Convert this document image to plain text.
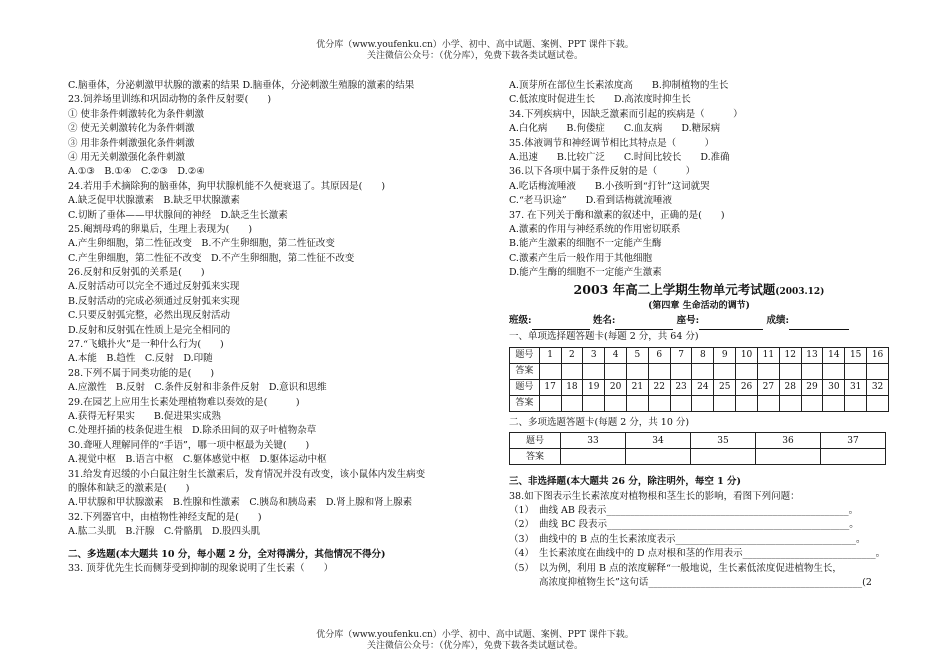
优分库（www.youfenku.cn）小学、初中、高中试题、案例、PPT 课件下载。
关注微信公众号：（优分库），免费下载各类试题试卷。
C.脑垂体，分泌刺激甲状腺的激素的结果 D.脑垂体，分泌刺激生殖腺的激素的结果
23.饲养场里训练和巩固动物的条件反射要(　　)
① 使非条件刺激转化为条件刺激
② 使无关刺激转化为条件刺激
③ 用非条件刺激强化条件刺激
④ 用无关刺激强化条件刺激
A.①③　B.①④　C.②③　D.②④
24.若用手术摘除狗的脑垂体，狗甲状腺机能不久便衰退了。其原因是(　　)
A.缺乏促甲状腺激素　B.缺乏甲状腺激素
C.切断了垂体——甲状腺间的神经　D.缺乏生长激素
25.阉割母鸡的卵巢后，生理上表现为(　　)
A.产生卵细胞，第二性征改变　B.不产生卵细胞，第二性征改变
C.产生卵细胞，第二性征不改变　D.不产生卵细胞，第二性征不改变
26.反射和反射弧的关系是(　　)
A.反射活动可以完全不通过反射弧来实现
B.反射活动的完成必须通过反射弧来实现
C.只要反射弧完整，必然出现反射活动
D.反射和反射弧在性质上是完全相同的
27.“飞蛾扑火”是一种什么行为(　　)
A.本能　B.趋性　C.反射　D.印随
28.下列不属于同类功能的是(　　)
A.应激性　B.反射　C.条件反射和非条件反射　D.意识和思维
29.在园艺上应用生长素处理植物难以奏效的是(　　　)
A.获得无籽果实　　B.促进果实成熟
C.处理扦插的枝条促进生根　D.除杀田间的双子叶植物杂草
30.聋哑人理解同伴的“手语”，哪一项中枢最为关键(　　)
A.视觉中枢　B.语言中枢　C.躯体感觉中枢　D.躯体运动中枢
31.给发育迟缓的小白鼠注射生长激素后，发育情况并没有改变，该小鼠体内发生病变
的腺体和缺乏的激素是(　　)
A.甲状腺和甲状腺激素　B.性腺和性激素　C.胰岛和胰岛素　D.肾上腺和肾上腺素
32.下列器官中，由植物性神经支配的是(　　)
A.肱二头肌　B.汗腺　C.骨骼肌　D.股四头肌
二、多选题(本大题共 10 分，每小题 2 分，全对得满分，其他情况不得分)
33. 顶芽优先生长而侧芽受到抑制的现象说明了生长素（　　）
A.顶芽所在部位生长素浓度高　　B.抑制植物的生长
C.低浓度时促进生长　　D.高浓度时抑生长
34.下列疾病中，因缺乏激素而引起的疾病是（　　　）
A.白化病　　B.佝偻症　　C.血友病　　D.糖尿病
35.体液调节和神经调节相比其特点是（　　　）
A.迅速　　B.比较广泛　　C.时间比较长　　D.准确
36.以下各项中属于条件反射的是（　　　）
A.吃话梅流唾液　　B.小孩听到“打针”这词就哭
C.“老马识途”　　D.看到话梅就流唾液
37. 在下列关于酶和激素的叙述中，正确的是(　　)
A.激素的作用与神经系统的作用密切联系
B.能产生激素的细胞不一定能产生酶
C.激素产生后一般作用于其他细胞
D.能产生酶的细胞不一定能产生激素
2003 年高二上学期生物单元考试题(2003.12)
(第四章 生命活动的调节)
班级:	姓名:	座号:	成绩:
一、单项选择题答题卡(每题 2 分，共 64 分)
题号	1	2	3	4	5	6	7	8	9	10	11	12	13	14	15	16
答案																
题号	17	18	19	20	21	22	23	24	25	26	27	28	29	30	31	32
答案																
二、多项选题答题卡(每题 2 分，共 10 分)
题号	33	34	35	36	37
答案					
三、非选择题(本大题共 26 分，除注明外，每空 1 分)
38.如下图表示生长素浓度对植物根和茎生长的影响，看图下列问题：
（1） 曲线 AB 段表示___________________________________________________。
（2） 曲线 BC 段表示___________________________________________________。
（3） 曲线中的 B 点的生长素浓度表示______________________________________。
（4） 生长素浓度在曲线中的 D 点对根和茎的作用表示____________________________。
（5） 以为例，利用 B 点的浓度解释“一般地说，生长素低浓度促进植物生长，
高浓度抑植物生长”这句话_____________________________________________(2
优分库（www.youfenku.cn）小学、初中、高中试题、案例、PPT 课件下载。
关注微信公众号：（优分库），免费下载各类试题试卷。
